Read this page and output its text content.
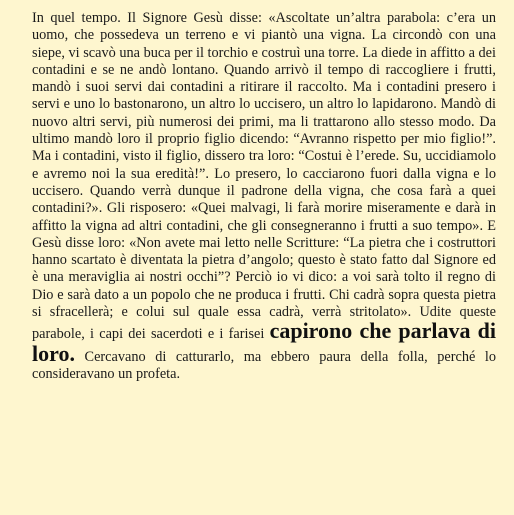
In quel tempo. Il Signore Gesù disse: «Ascoltate un’altra parabola: c’era un uomo, che possedeva un terreno e vi piantò una vigna. La circondò con una siepe, vi scavò una buca per il torchio e costruì una torre. La diede in affitto a dei contadini e se ne andò lontano. Quando arrivò il tempo di raccogliere i frutti, mandò i suoi servi dai contadini a ritirare il raccolto. Ma i contadini presero i servi e uno lo bastonarono, un altro lo uccisero, un altro lo lapidarono. Mandò di nuovo altri servi, più numerosi dei primi, ma li trattarono allo stesso modo. Da ultimo mandò loro il proprio figlio dicendo: “Avranno rispetto per mio figlio!”. Ma i contadini, visto il figlio, dissero tra loro: “Costui è l’erede. Su, uccidiamolo e avremo noi la sua eredità!”. Lo presero, lo cacciarono fuori dalla vigna e lo uccisero. Quando verrà dunque il padrone della vigna, che cosa farà a quei contadini?». Gli risposero: «Quei malvagi, li farà morire miseramente e darà in affitto la vigna ad altri contadini, che gli consegneranno i frutti a suo tempo». E Gesù disse loro: «Non avete mai letto nelle Scritture: “La pietra che i costruttori hanno scartato è diventata la pietra d’angolo; questo è stato fatto dal Signore ed è una meraviglia ai nostri occhi”? Perciò io vi dico: a voi sarà tolto il regno di Dio e sarà dato a un popolo che ne produca i frutti. Chi cadrà sopra questa pietra si sfracellerà; e colui sul quale essa cadrà, verrà stritolato». Udite queste parabole, i capi dei sacerdoti e i farisei capirono che parlava di loro. Cercavano di catturarlo, ma ebbero paura della folla, perché lo consideravano un profeta.
